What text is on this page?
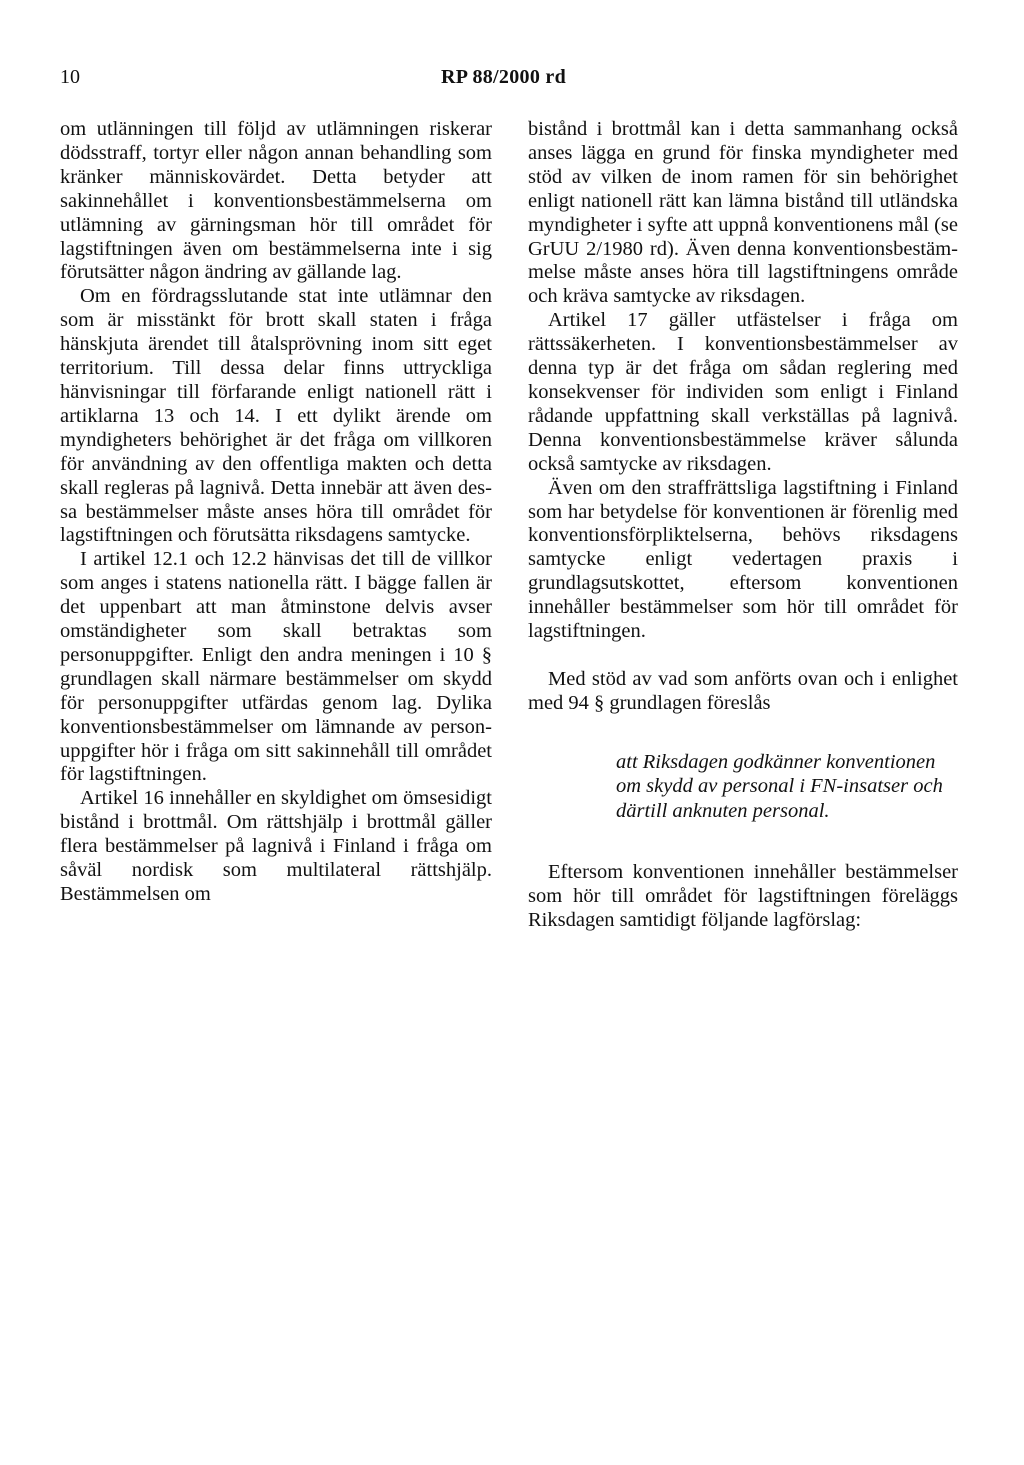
10	RP 88/2000 rd

om utlänningen till följd av utlämningen riskerar dödsstraff, tortyr eller någon annan behandling som kränker människovärdet. Detta betyder att sakinnehållet i konventionsbestämmelserna om utlämning av gärningsman hör till området för lagstiftningen även om bestämmelserna inte i sig förutsätter någon ändring av gällande lag.

Om en fördragsslutande stat inte utlämnar den som är misstänkt för brott skall staten i fråga hänskjuta ärendet till åtalsprövning inom sitt eget territorium. Till dessa delar finns uttryckliga hänvisningar till förfarande enligt nationell rätt i artiklarna 13 och 14. I ett dylikt ärende om myndigheters behörighet är det fråga om villkoren för användning av den offentliga makten och detta skall regleras på lagnivå. Detta innebär att även dessa bestämmelser måste anses höra till området för lagstiftningen och förutsätta riksdagens samtycke.

I artikel 12.1 och 12.2 hänvisas det till de villkor som anges i statens nationella rätt. I bägge fallen är det uppenbart att man åtminstone delvis avser omständigheter som skall betraktas som personuppgifter. Enligt den andra meningen i 10 § grundlagen skall närmare bestämmelser om skydd för personuppgifter utfärdas genom lag. Dylika konventionsbestämmelser om lämnande av personuppgifter hör i fråga om sitt sakinnehåll till området för lagstiftningen.

Artikel 16 innehåller en skyldighet om ömsesidigt bistånd i brottmål. Om rättshjälp i brottmål gäller flera bestämmelser på lagnivå i Finland i fråga om såväl nordisk som multilateral rättshjälp. Bestämmelsen om

bistånd i brottmål kan i detta sammanhang också anses lägga en grund för finska myndigheter med stöd av vilken de inom ramen för sin behörighet enligt nationell rätt kan lämna bistånd till utländska myndigheter i syfte att uppnå konventionens mål (se GrUU 2/1980 rd). Även denna konventionsbestämmelse måste anses höra till lagstiftningens område och kräva samtycke av riksdagen.

Artikel 17 gäller utfästelser i fråga om rättssäkerheten. I konventionsbestämmelser av denna typ är det fråga om sådan reglering med konsekvenser för individen som enligt i Finland rådande uppfattning skall verkställas på lagnivå. Denna konventionsbestämmelse kräver sålunda också samtycke av riksdagen.

Även om den straffrättsliga lagstiftning i Finland som har betydelse för konventionen är förenlig med konventionsförpliktelserna, behövs riksdagens samtycke enligt vedertagen praxis i grundlagsutskottet, eftersom konventionen innehåller bestämmelser som hör till området för lagstiftningen.

Med stöd av vad som anförts ovan och i enlighet med 94 § grundlagen föreslås

att Riksdagen godkänner konventionen om skydd av personal i FN-insatser och därtill anknuten personal.

Eftersom konventionen innehåller bestämmelser som hör till området för lagstiftningen föreläggs Riksdagen samtidigt följande lagförslag:
